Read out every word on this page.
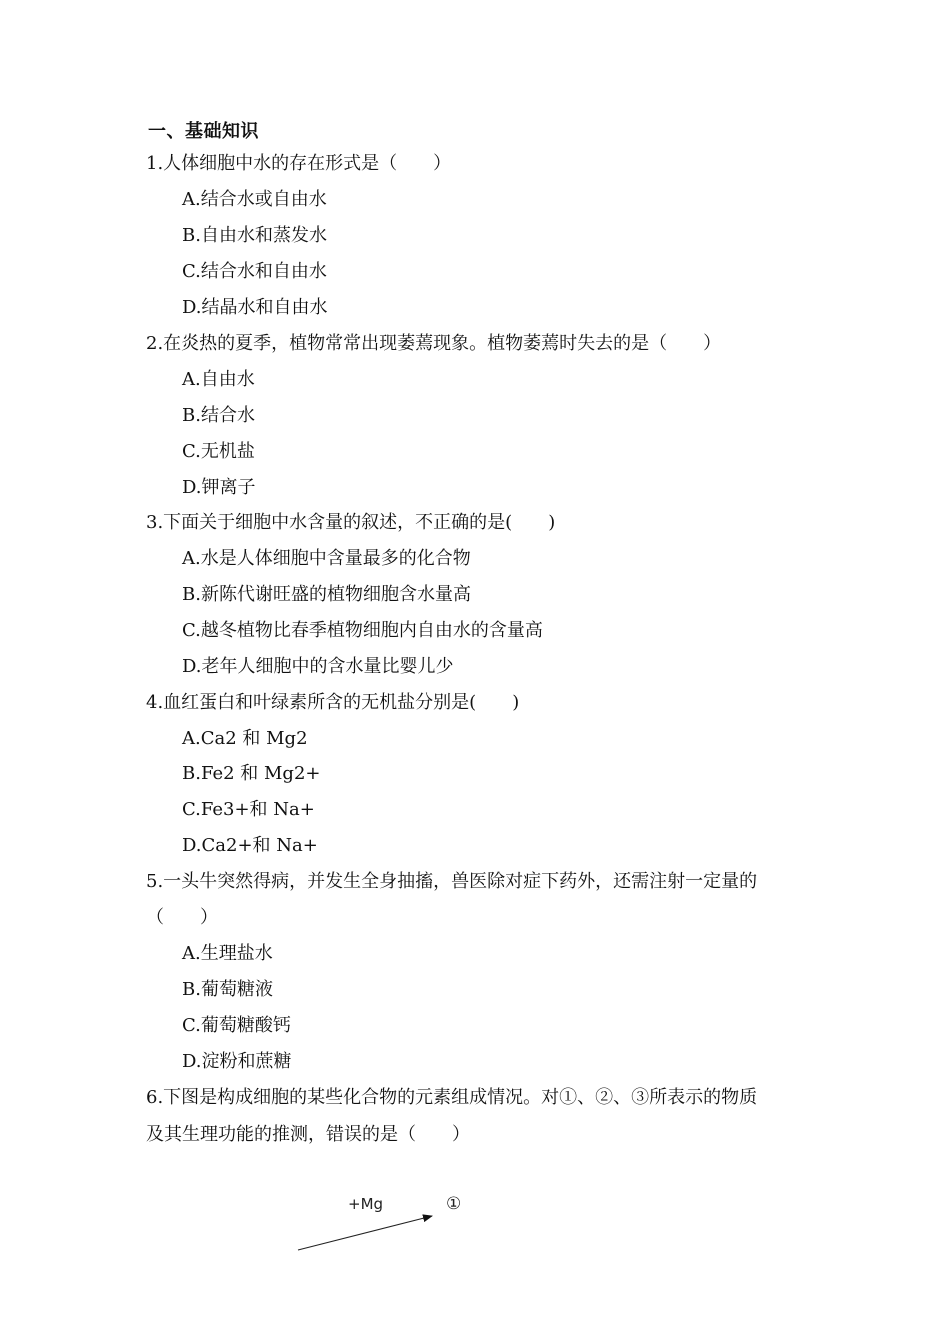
一、基础知识
1.人体细胞中水的存在形式是（　　）
A.结合水或自由水
B.自由水和蒸发水
C.结合水和自由水
D.结晶水和自由水
2.在炎热的夏季，植物常常出现萎蔫现象。植物萎蔫时失去的是（　　）
A.自由水
B.结合水
C.无机盐
D.钾离子
3.下面关于细胞中水含量的叙述，不正确的是(　　)
A.水是人体细胞中含量最多的化合物
B.新陈代谢旺盛的植物细胞含水量高
C.越冬植物比春季植物细胞内自由水的含量高
D.老年人细胞中的含水量比婴儿少
4.血红蛋白和叶绿素所含的无机盐分别是(　　)
A.Ca2 和 Mg2
B.Fe2 和 Mg2+
C.Fe3+和 Na+
D.Ca2+和 Na+
5.一头牛突然得病，并发生全身抽搐，兽医除对症下药外，还需注射一定量的
（　　）
A.生理盐水
B.葡萄糖液
C.葡萄糖酸钙
D.淀粉和蔗糖
6.下图是构成细胞的某些化合物的元素组成情况。对①、②、③所表示的物质
及其生理功能的推测，错误的是（　　）
+Mg	①
